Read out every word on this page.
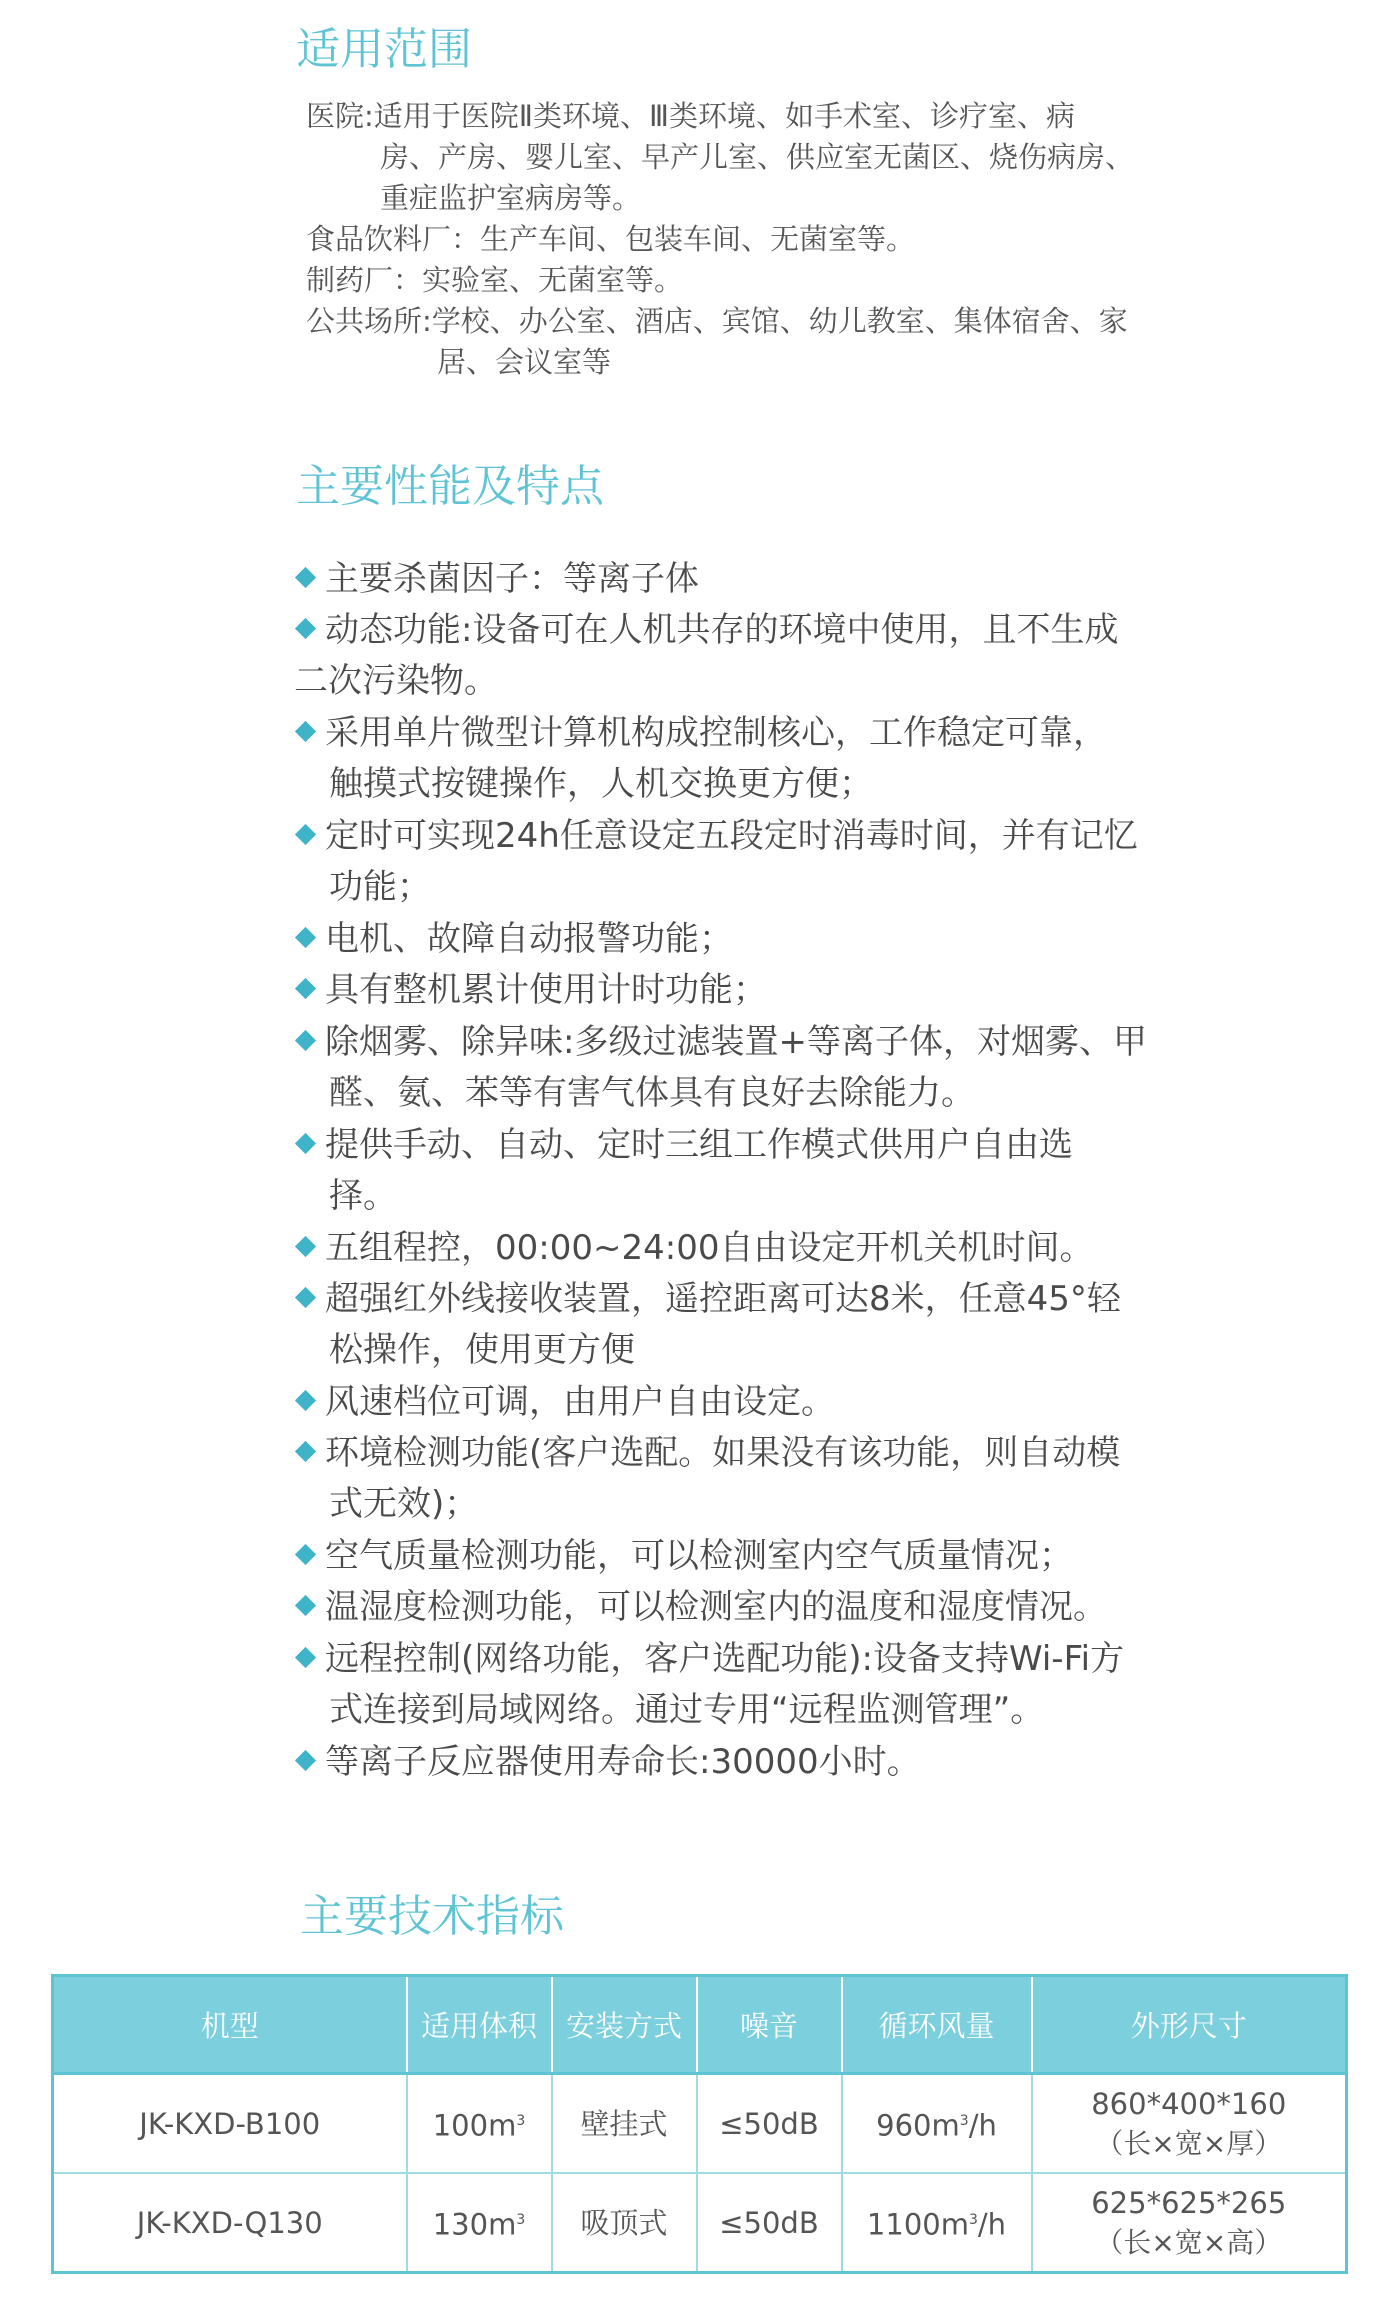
适用范围
医院:适用于医院Ⅱ类环境、Ⅲ类环境、如手术室、诊疗室、病
房、产房、婴儿室、早产儿室、供应室无菌区、烧伤病房、
重症监护室病房等。
食品饮料厂：生产车间、包装车间、无菌室等。
制药厂：实验室、无菌室等。
公共场所:学校、办公室、酒店、宾馆、幼儿教室、集体宿舍、家
居、会议室等
主要性能及特点
主要杀菌因子：等离子体
动态功能:设备可在人机共存的环境中使用，且不生成
二次污染物。
采用单片微型计算机构成控制核心，工作稳定可靠，
触摸式按键操作，人机交换更方便；
定时可实现24h任意设定五段定时消毒时间，并有记忆
功能；
电机、故障自动报警功能；
具有整机累计使用计时功能；
除烟雾、除异味:多级过滤装置+等离子体，对烟雾、甲
醛、氨、苯等有害气体具有良好去除能力。
提供手动、自动、定时三组工作模式供用户自由选
择。
五组程控，00:00~24:00自由设定开机关机时间。
超强红外线接收装置，遥控距离可达8米，任意45°轻
松操作，使用更方便
风速档位可调，由用户自由设定。
环境检测功能(客户选配。如果没有该功能，则自动模
式无效)；
空气质量检测功能，可以检测室内空气质量情况；
温湿度检测功能，可以检测室内的温度和湿度情况。
远程控制(网络功能，客户选配功能):设备支持Wi-Fi方
式连接到局域网络。通过专用“远程监测管理”。
等离子反应器使用寿命长:30000小时。
主要技术指标
机型	适用体积	安装方式	噪音	循环风量	外形尺寸
JK-KXD-B100	$100m^3$	壁挂式	≤50dB	$960m^3/h$	860*400*160
（长×宽×厚）

JK-KXD-Q130	$130m^3$	吸顶式	≤50dB	$1100m^3/h$	625*625*265
（长×宽×高）
